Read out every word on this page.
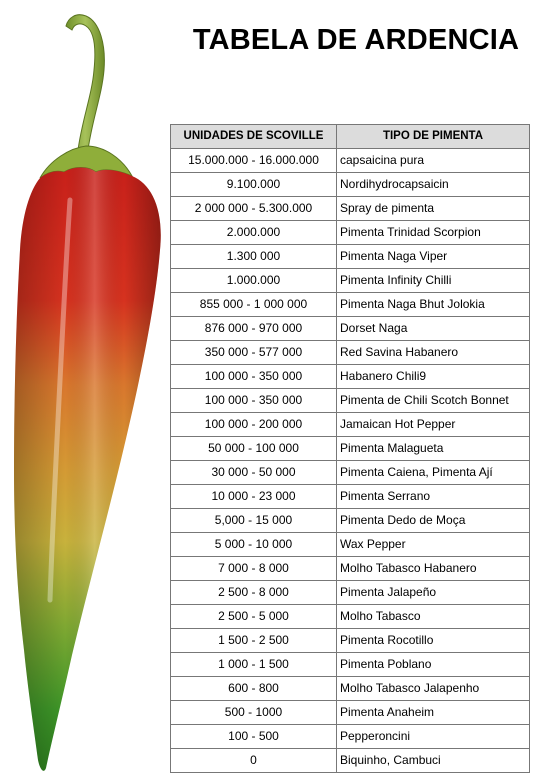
TABELA DE ARDENCIA
UNIDADES DE SCOVILLE	TIPO DE PIMENTA
15.000.000 - 16.000.000	capsaicina pura
9.100.000	Nordihydrocapsaicin
2 000 000 - 5.300.000	Spray de pimenta
2.000.000	Pimenta Trinidad Scorpion
1.300 000	Pimenta Naga Viper
1.000.000	Pimenta Infinity Chilli
855 000 - 1 000 000	Pimenta Naga Bhut Jolokia
876 000 - 970 000	Dorset Naga
350 000 - 577 000	Red Savina Habanero
100 000 - 350 000	Habanero Chili9
100 000 - 350 000	Pimenta de Chili Scotch Bonnet
100 000 - 200 000	Jamaican Hot Pepper
50 000 - 100 000	Pimenta Malagueta
30 000 - 50 000	Pimenta Caiena, Pimenta Ají
10 000 - 23 000	Pimenta Serrano
5,000 - 15 000	Pimenta Dedo de Moça
5 000 - 10 000	Wax Pepper
7 000 - 8 000	Molho Tabasco Habanero
2 500 - 8 000	Pimenta Jalapeño
2 500 - 5 000	Molho Tabasco
1 500 - 2 500	Pimenta Rocotillo
1 000 - 1 500	Pimenta Poblano
600 - 800	Molho Tabasco Jalapenho
500 - 1000	Pimenta Anaheim
100 - 500	Pepperoncini
0	Biquinho, Cambuci
